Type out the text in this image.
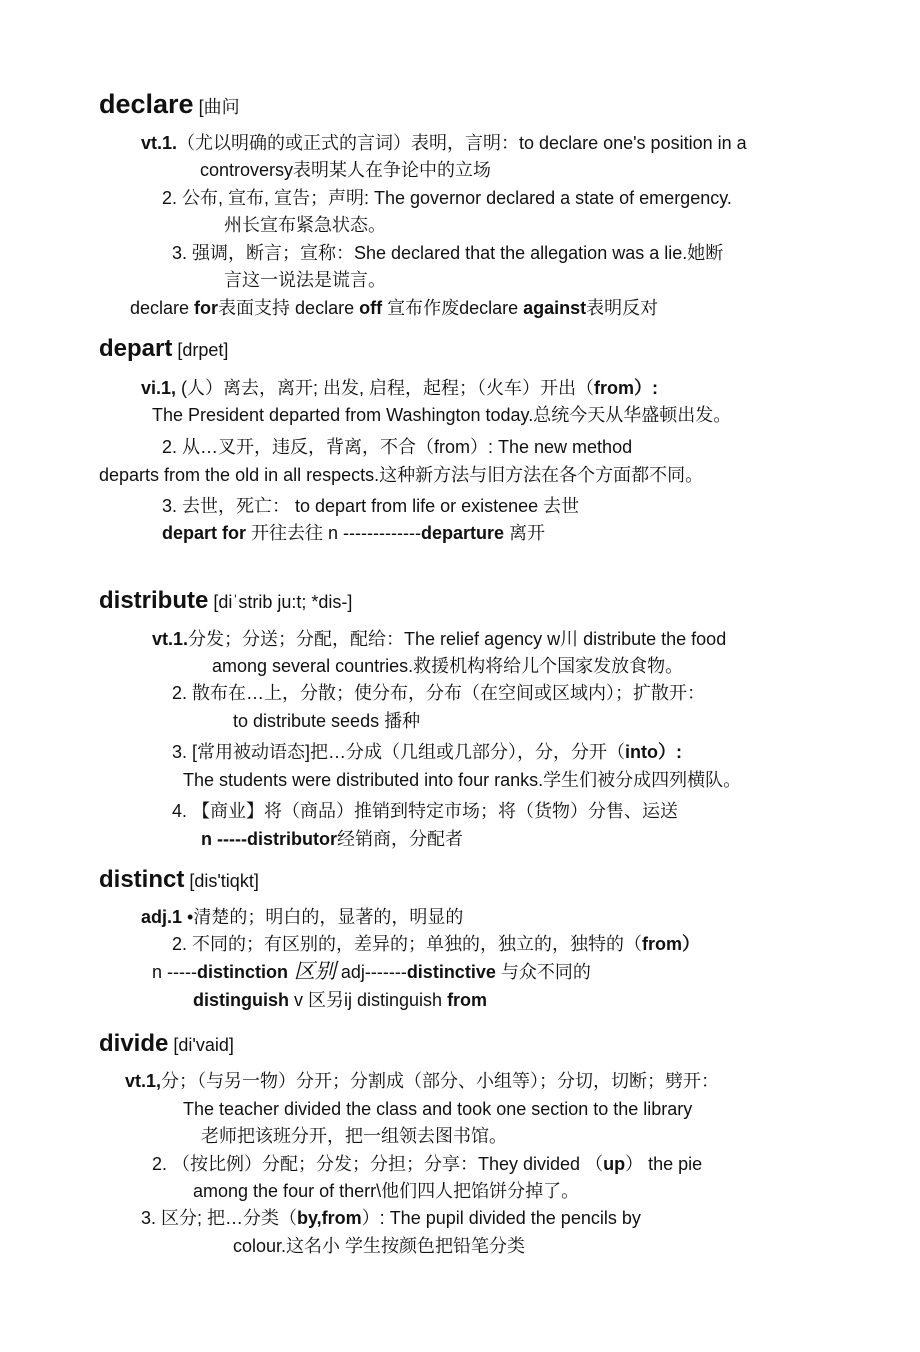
declare [曲问
vt.1.（尤以明确的或正式的言词）表明，言明：to declare one's position in a
controversy表明某人在争论中的立场
2. 公布, 宣布, 宣告；声明: The governor declared a state of emergency.
州长宣布紧急状态。
3. 强调，断言；宣称：She declared that the allegation was a lie.她断
言这一说法是谎言。
declare for表面支持 declare off 宣布作废declare against表明反对
depart [drpet]
vi.1, (人）离去，离开; 出发, 启程，起程；（火车）开出（from）:
The President departed from Washington today.总统今天从华盛顿出发。
2. 从…叉开，违反，背离，不合（from）: The new method
departs from the old in all respects.这种新方法与旧方法在各个方面都不同。
3. 去世，死亡： to depart from life or existenee 去世
depart for 开往去往 n -------------departure 离开
distribute [diˈstrib ju:t; *dis-]
vt.1.分发；分送；分配，配给：The relief agency w川 distribute the food
among several countries.救援机构将给儿个国家发放食物。
2. 散布在…上，分散；使分布，分布（在空间或区域内）；扩散开：
to distribute seeds 播种
3. [常用被动语态]把…分成（几组或几部分），分，分开（into）:
The students were distributed into four ranks.学生们被分成四列横队。
4. 【商业】将（商品）推销到特定市场；将（货物）分售、运送
n -----distributor经销商，分配者
distinct [dis'tiqkt]
adj.1 •清楚的；明白的，显著的，明显的
2. 不同的；有区别的，差异的；单独的，独立的，独特的（from）
n -----distinction 区别 adj-------distinctive 与众不同的
distinguish v 区另ij distinguish from
divide [di'vaid]
vt.1,分；（与另一物）分开；分割成（部分、小组等）；分切，切断；劈开：
The teacher divided the class and took one section to the library
老师把该班分开，把一组领去图书馆。
2. （按比例）分配；分发；分担；分享：They divided （up） the pie
among the four of therr\他们四人把馅饼分掉了。
3. 区分; 把…分类（by,from）: The pupil divided the pencils by
colour.这名小 学生按颜色把铅笔分类
